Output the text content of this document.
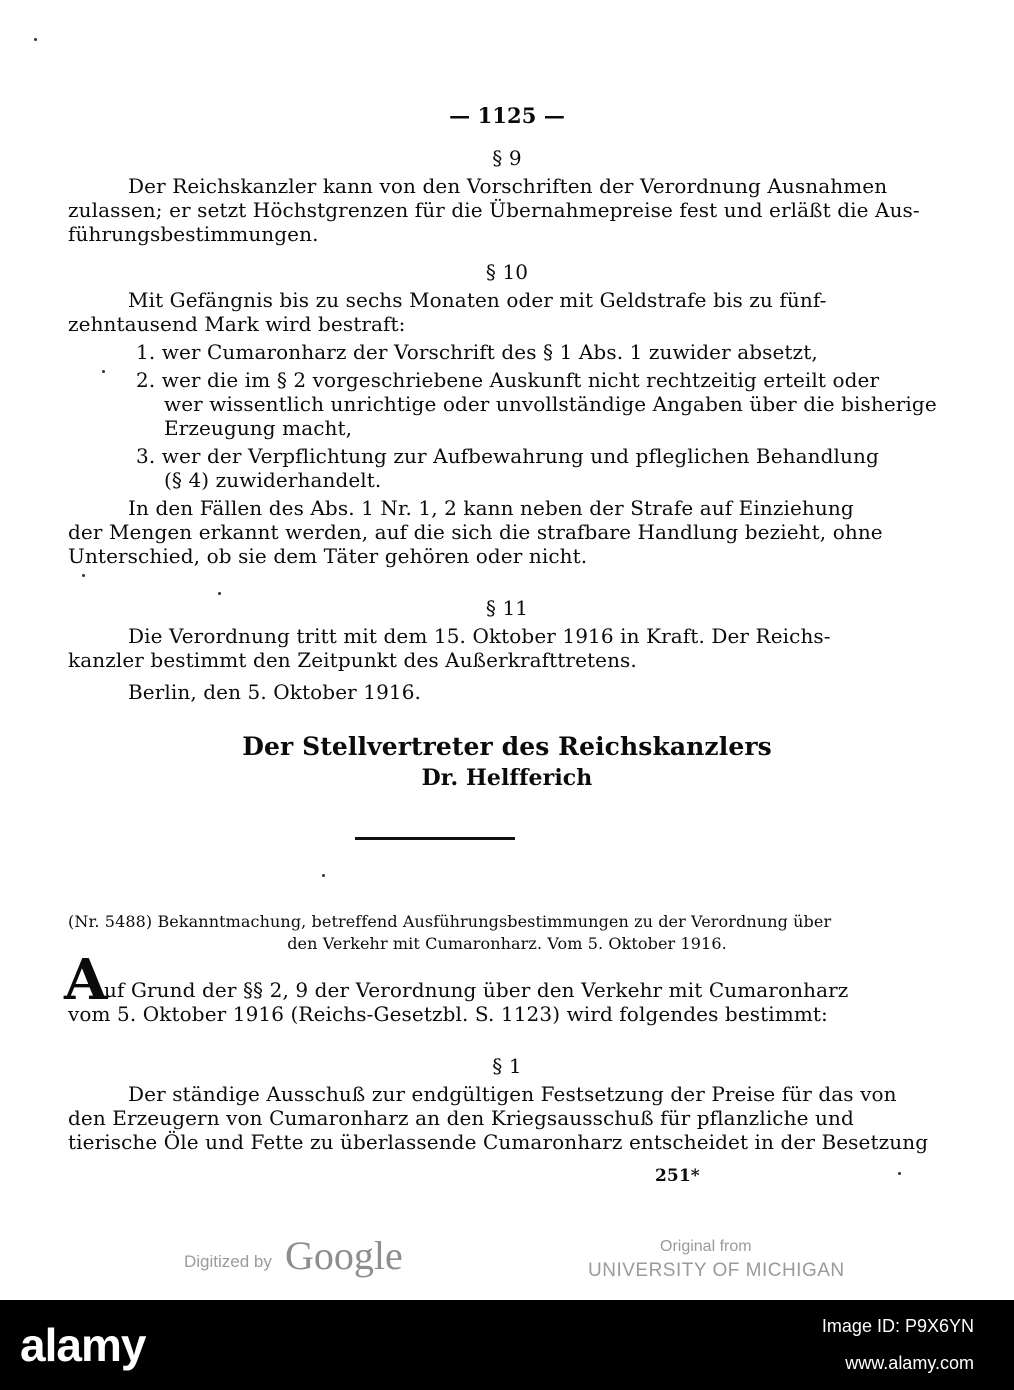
— 1125 —
§ 9
Der Reichskanzler kann von den Vorschriften der Verordnung Ausnahmen
zulassen; er setzt Höchstgrenzen für die Übernahmepreise fest und erläßt die Aus-
führungsbestimmungen.
§ 10
Mit Gefängnis bis zu sechs Monaten oder mit Geldstrafe bis zu fünf-
zehntausend Mark wird bestraft:
1. wer Cumaronharz der Vorschrift des § 1 Abs. 1 zuwider absetzt,
2. wer die im § 2 vorgeschriebene Auskunft nicht rechtzeitig erteilt oder
wer wissentlich unrichtige oder unvollständige Angaben über die bisherige
Erzeugung macht,
3. wer der Verpflichtung zur Aufbewahrung und pfleglichen Behandlung
(§ 4) zuwiderhandelt.
In den Fällen des Abs. 1 Nr. 1, 2 kann neben der Strafe auf Einziehung
der Mengen erkannt werden, auf die sich die strafbare Handlung bezieht, ohne
Unterschied, ob sie dem Täter gehören oder nicht.
§ 11
Die Verordnung tritt mit dem 15. Oktober 1916 in Kraft. Der Reichs-
kanzler bestimmt den Zeitpunkt des Außerkrafttretens.
Berlin, den 5. Oktober 1916.
Der Stellvertreter des Reichskanzlers
Dr. Helfferich
(Nr. 5488) Bekanntmachung, betreffend Ausführungsbestimmungen zu der Verordnung über
den Verkehr mit Cumaronharz. Vom 5. Oktober 1916.
A
uf Grund der §§ 2, 9 der Verordnung über den Verkehr mit Cumaronharz
vom 5. Oktober 1916 (Reichs-Gesetzbl. S. 1123) wird folgendes bestimmt:
§ 1
Der ständige Ausschuß zur endgültigen Festsetzung der Preise für das von
den Erzeugern von Cumaronharz an den Kriegsausschuß für pflanzliche und
tierische Öle und Fette zu überlassende Cumaronharz entscheidet in der Besetzung
251*
Digitized by Google	Original from
UNIVERSITY OF MICHIGAN
alamy	Image ID: P9X6YN
www.alamy.com
